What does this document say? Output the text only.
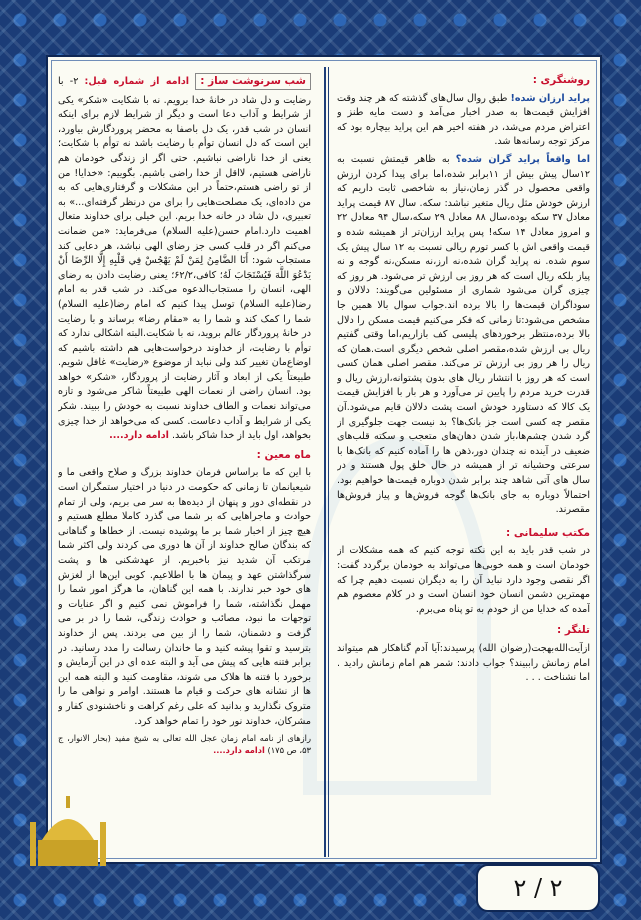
روشنگری :

پراید ارزان شده! طبق روال سال‌های گذشته که هر چند وقت افزایش قیمت‌ها به صدر اخبار می‌آمد و دست مایه طنز و اعتراض مردم می‌شد، در هفته اخیر هم این پراید بیچاره بود که مرکز توجه رسانه‌ها شد.

اما واقعاً پراید گران شده؟ به ظاهر قیمتش نسبت به ۱۲سال پیش بیش از ۱۱برابر شده،اما برای پیدا کردن ارزش واقعی محصول در گذر زمان،نیاز به شاخصی ثابت داریم که ارزش خودش مثل ریال متغیر نباشد: سکه. سال ۸۷ قیمت پراید معادل ۳۷ سکه بوده،سال ۸۸ معادل ۲۹ سکه،سال ۹۴ معادل ۲۲ و امروز معادل ۱۴ سکه! پس پراید ارزان‌تر از همیشه شده و قیمت واقعی اش با کسر تورم ریالی نسبت به ۱۲ سال پیش یک سوم شده. نه پراید گران شده،نه ارز،نه مسکن،نه گوجه و نه پیاز بلکه ریال است که هر روز بی ارزش تر می‌شود. هر روز که چیزی گران می‌شود شماری از مسئولین می‌گویند: دلالان و سوداگران قیمت‌ها را بالا برده اند.جواب سوال بالا همین جا مشخص می‌شود:تا زمانی که فکر می‌کنیم قیمت مسکن را دلال بالا برده،منتظر برخوردهای پلیسی کف بازاریم،اما وقتی گفتیم ریال بی ارزش شده،مقصر اصلی شخص دیگری است.همان که ریال را هر روز بی ارزش تر می‌کند. مقصر اصلی همان کسی است که هر روز با انتشار ریال های بدون پشتوانه،ارزش ریال و قدرت خرید مردم را پایین تر می‌آورد و هر بار با افزایش قیمت یک کالا که دستاورد خودش است پشت دلالان قایم می‌شود.آن مقصر چه کسی است جز بانک‌ها؟ بد نیست جهت جلوگیری از گرد شدن چشم‌ها،باز شدن دهان‌های متعجب و سکته قلب‌های ضعیف در آینده نه چندان دور،ذهن ها را آماده کنیم که بانک‌ها با سرعتی وحشیانه تر از همیشه در حال خلق پول هستند و در سال های آتی شاهد چند برابر شدن دوباره قیمت‌ها خواهیم بود. احتمالاً دوباره به جای بانک‌ها گوجه فروش‌ها و پیاز فروش‌ها مقصرند.

مکتب سلیمانی :

در شب قدر باید به این نکته توجه کنیم که همه مشکلات از خودمان است و همه خوبی‌ها می‌تواند به خودمان برگردد گفت: اگر نقصی وجود دارد نباید آن را به دیگران نسبت دهیم چرا که مهمترین دشمن انسان خود انسان است و در کلام معصوم هم آمده که خدایا من از خودم به تو پناه می‌برم.

تلنگر :

ازآیت‌الله‌بهجت(رضوان الله) پرسیدند:آیا آدم گناهکار هم میتواند امام زمانش راببیند؟ جواب دادند: شمر هم امام زمانش رادید . اما نشناخت . . .

شب سرنوشت ساز : ادامه از شماره قبل: ۲- با رضایت و دل شاد در خانهٔ خدا برویم. نه با شکایت «شکر» یکی از شرایط و آداب دعا است و دیگر از شرایط لازم برای اینکه انسان در شب قدر، یک دل باصفا به محضر پروردگارش بیاورد، این است که دل انسان توأم با رضایت باشد نه توأم با شکایت؛ یعنی از خدا ناراضی نباشیم. حتی اگر از زندگی خودمان هم ناراضی هستیم، لااقل از خدا راضی باشیم. بگوییم: «خدایا! من از تو راضی هستم،حتماً در این مشکلات و گرفتاری‌هایی که به من داده‌ای، یک مصلحت‌هایی را برای من درنظر گرفته‌ای...» به تعبیری، دل شاد در خانه خدا بریم. این خیلی برای خداوند متعال اهمیت دارد.امام حسن(علیه السلام) می‌فرماید: «من ضمانت می‌کنم اگر در قلب کسی جز رضای الهی نباشد، هر دعایی کند مستجاب شود: أَنَا الضَّامِنُ لِمَنْ لَمْ يَهْجُسْ فِي قَلْبِهِ إِلَّا الرِّضَا أَنْ يَدْعُوَ اللَّهَ فَيُسْتَجَابَ لَهُ؛ کافی،۶۲/۲؛ یعنی رضایت دادن به رضای الهی، انسان را مستجاب‌الدعوه می‌کند. در شب قدر به امام رضا(علیه السلام) توسل پیدا کنیم که امام رضا(علیه السلام) شما را کمک کند و شما را به «مقام رضا» برساند و با رضایت در خانهٔ پروردگار عالم بروید، نه با شکایت.البته اشکالی ندارد که توأم با رضایت، از خداوند درخواست‌هایی هم داشته باشیم که اوضاع‌مان تغییر کند ولی نباید از موضوع «رضایت» غافل شویم. طبیعتاً یکی از ابعاد و آثار رضایت از پروردگار، «شکر» خواهد بود. انسان راضی از نعمات الهی طبیعتاً شاکر می‌شود و تازه می‌تواند نعمات و الطاف خداوند نسبت به خودش را ببیند. شکر یکی از شرایط و آداب دعاست. کسی که می‌خواهد از خدا چیزی بخواهد، اول باید از خدا شاکر باشد. ادامه دارد....
ماه معین :

با این که ما براساس فرمان خداوند بزرگ و صلاح واقعی ما و شیعیانمان تا زمانی که حکومت در دنیا در اختیار ستمگران است در نقطه‌ای دور و پنهان از دیده‌ها به سر می بریم، ولی از تمام حوادث و ماجراهایی که بر شما می گذرد کاملا مطلع هستیم و هیچ چیز از اخبار شما بر ما پوشیده نیست. از خطاها و گناهانی که بندگان صالح خداوند از آن ها دوری می کردند ولی اکثر شما مرتکب آن شدید نیز باخبریم. از عهدشکنی ها و پشت سرگذاشتن عهد و پیمان ها با اطلاعیم. کوبی این‌ها از لغزش های خود خبر ندارند. با همه این گناهان، ما هرگز امور شما را مهمل نگذاشته، شما را فراموش نمی کنیم و اگر عنایات و توجهات ما نبود، مصائب و حوادث زندگی، شما را در بر می گرفت و دشمنان، شما را از بین می بردند. پس از خداوند بترسید و تقوا پیشه کنید و ما خاندان رسالت را مدد رسانید. در برابر فتنه هایی که پیش می آید و البته عده ای در این آزمایش و برخورد با فتنه ها هلاک می شوند، مقاومت کنید و البته همه این ها از نشانه های حرکت و قیام ما هستند. اوامر و نواهی ما را متروک نگذارید و بدانید که علی رغم کراهت و ناخشنودی کفار و مشرکان، خداوند نور خود را تمام خواهد کرد.

رازهای از نامه امام زمان عجل الله تعالی به شیخ مفید (بحار الانوار، ج ۵۳، ص ۱۷۵) ادامه دارد....

۲ / ۲
